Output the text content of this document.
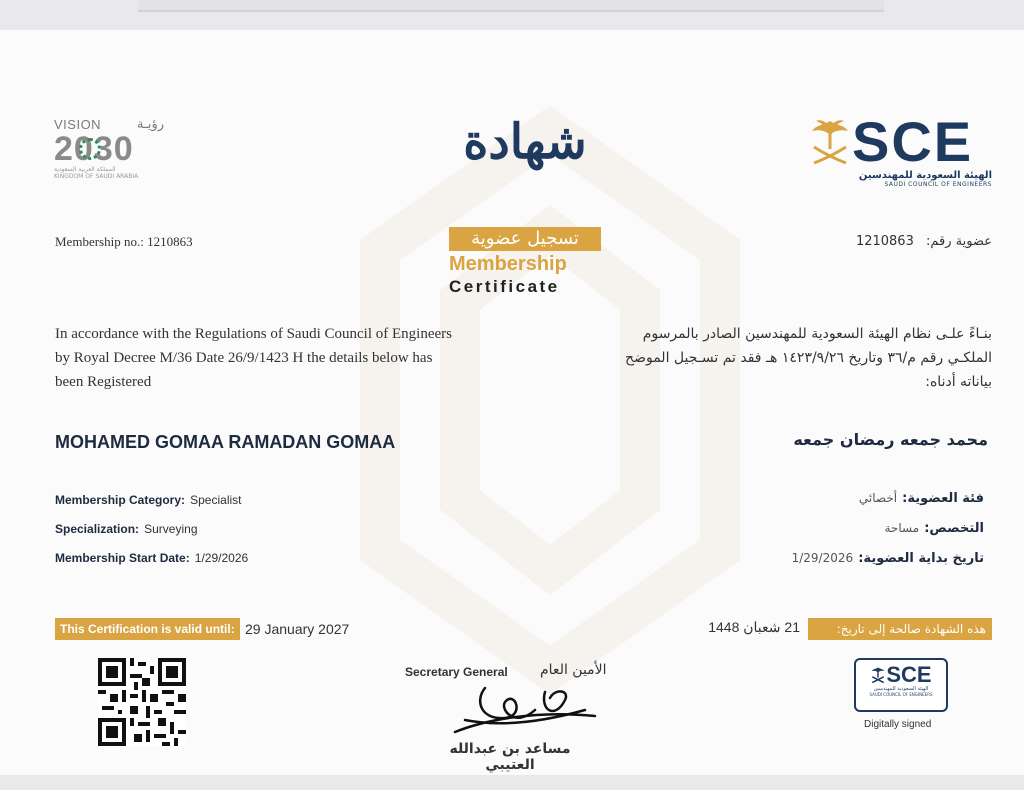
VISION	رؤيـة
2030
المملكة العربية السعودية
KINGDOM OF SAUDI ARABIA
SCE
الهيئة السعودية للمهندسين
SAUDI COUNCIL OF ENGINEERS
شهادة
تسجيل عضوية
Membership
Certificate
Membership no.: 1210863	عضوية رقم: 1210863
In accordance with the Regulations of Saudi Council of Engineers
by Royal Decree M/36 Date 26/9/1423 H the details below has
been Registered
بنـاءً علـى نظام الهيئة السعودية للمهندسين الصادر بالمرسوم
الملكـي رقم م/٣٦ وتاريخ ١٤٢٣/٩/٢٦ هـ فقد تم تسـجيل الموضح
بياناته أدناه:
MOHAMED GOMAA RAMADAN GOMAA	محمد جمعه رمضان جمعه
Membership Category: Specialist
Specialization: Surveying
Membership Start Date: 1/29/2026
فئة العضوية: أخصائي
التخصص: مساحة
تاريخ بداية العضوية: 1/29/2026
This Certification is valid until: 29 January 2027	21 شعبان 1448	هذه الشهادة صالحة إلى تاريخ:
Secretary General الأمين العام
مساعد بن عبدالله العتيبي
SCE
الهيئة السعودية للمهندسين
SAUDI COUNCIL OF ENGINEERS
Digitally signed
